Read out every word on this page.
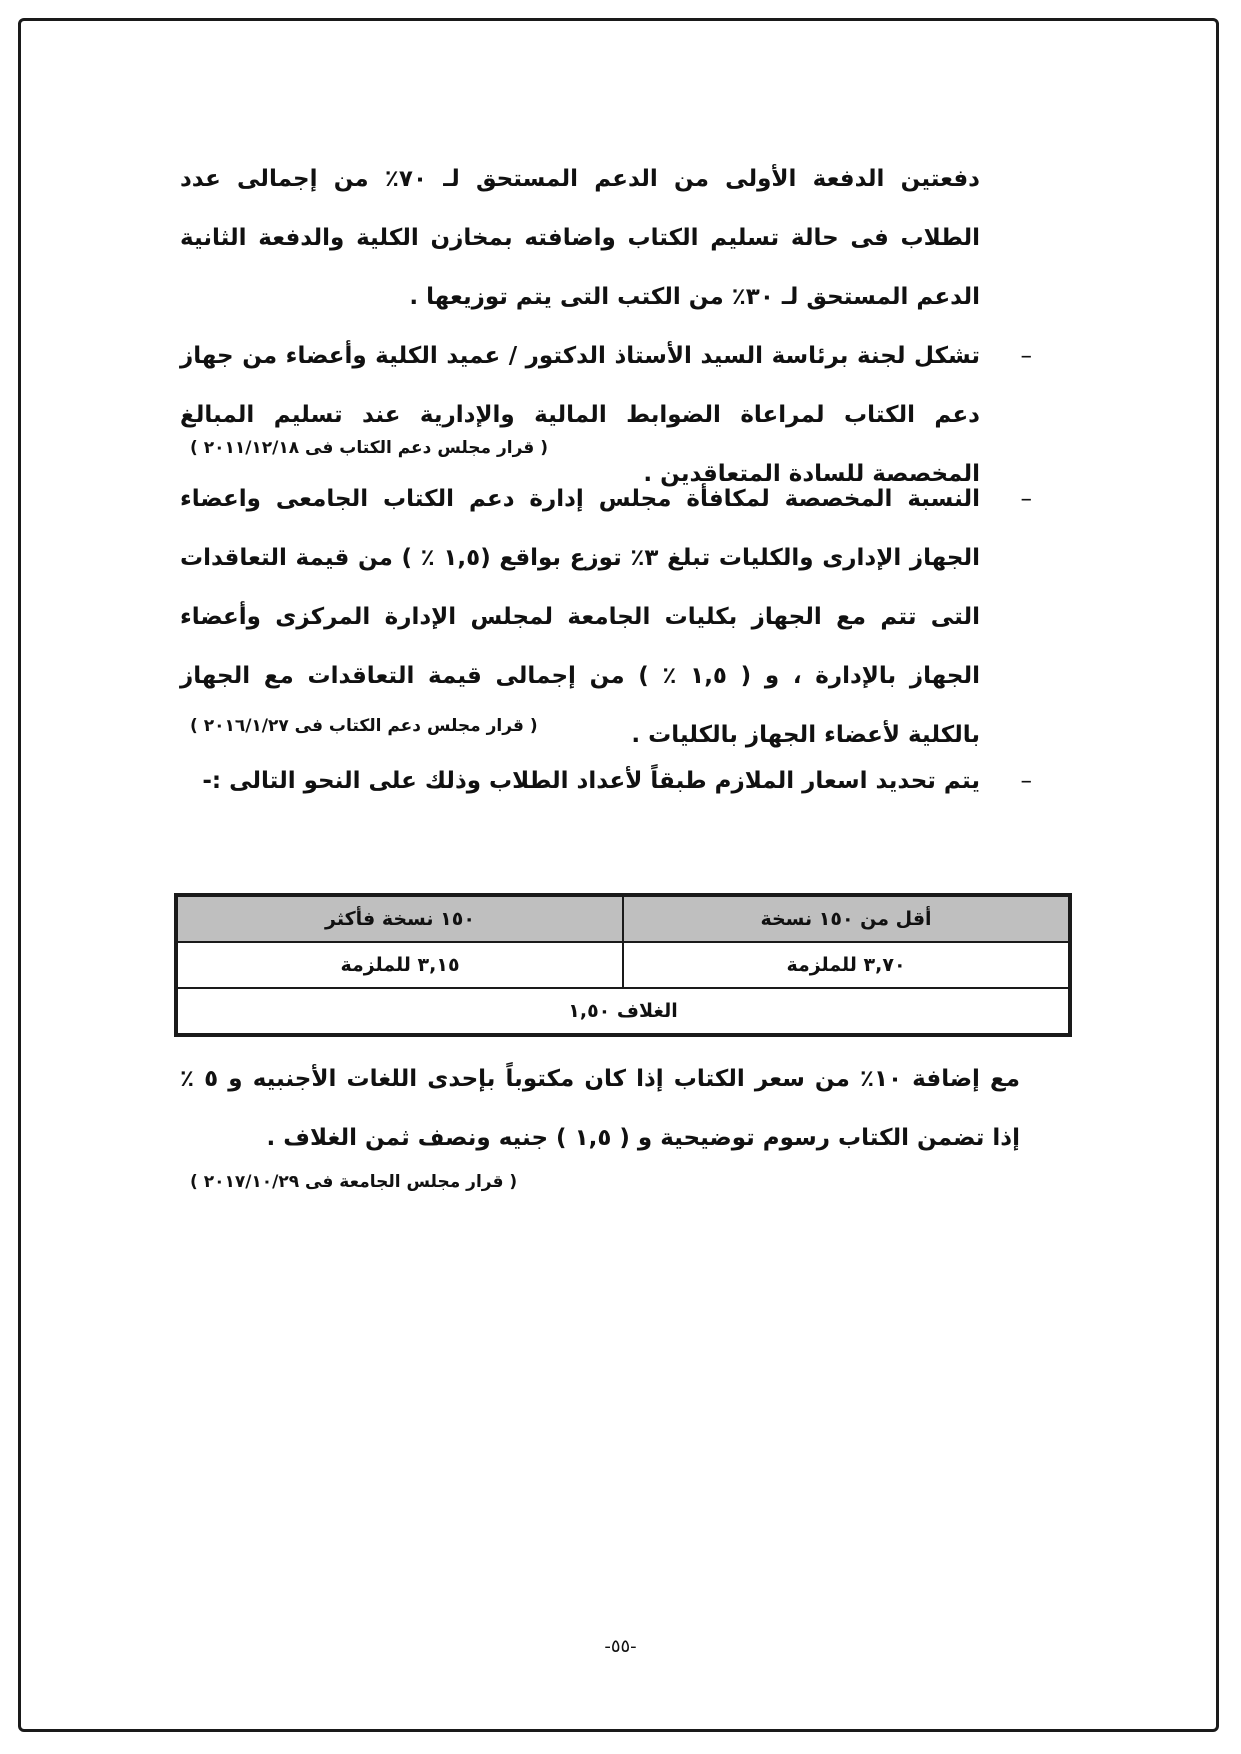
دفعتين الدفعة الأولى من الدعم المستحق لـ ٧٠٪ من إجمالى عدد الطلاب فى حالة تسليم الكتاب واضافته بمخازن الكلية والدفعة الثانية الدعم المستحق لـ ٣٠٪ من الكتب التى يتم توزيعها .

–
تشكل لجنة برئاسة السيد الأستاذ الدكتور / عميد الكلية وأعضاء من جهاز دعم الكتاب لمراعاة الضوابط المالية والإدارية عند تسليم المبالغ المخصصة للسادة المتعاقدين .

( قرار مجلس دعم الكتاب فى ٢٠١١/١٢/١٨ )

–
النسبة المخصصة لمكافأة مجلس إدارة دعم الكتاب الجامعى واعضاء الجهاز الإدارى والكليات تبلغ ٣٪ توزع بواقع (١,٥ ٪ ) من قيمة التعاقدات التى تتم مع الجهاز بكليات الجامعة لمجلس الإدارة المركزى وأعضاء الجهاز بالإدارة ، و ( ١,٥ ٪ ) من إجمالى قيمة التعاقدات مع الجهاز بالكلية لأعضاء الجهاز بالكليات .

( قرار مجلس دعم الكتاب فى ٢٠١٦/١/٢٧ )

–
يتم تحديد اسعار الملازم طبقاً لأعداد الطلاب وذلك على النحو التالى :-

أقل من ١٥٠ نسخة	١٥٠ نسخة فأكثر
٣,٧٠ للملزمة	٣,١٥ للملزمة
الغلاف ١,٥٠	

مع إضافة ١٠٪ من سعر الكتاب إذا كان مكتوباً بإحدى اللغات الأجنبيه و ٥ ٪ إذا تضمن الكتاب رسوم توضيحية و ( ١,٥ ) جنيه ونصف ثمن الغلاف .

( قرار مجلس الجامعة فى ٢٠١٧/١٠/٢٩ )
-٥٥-
